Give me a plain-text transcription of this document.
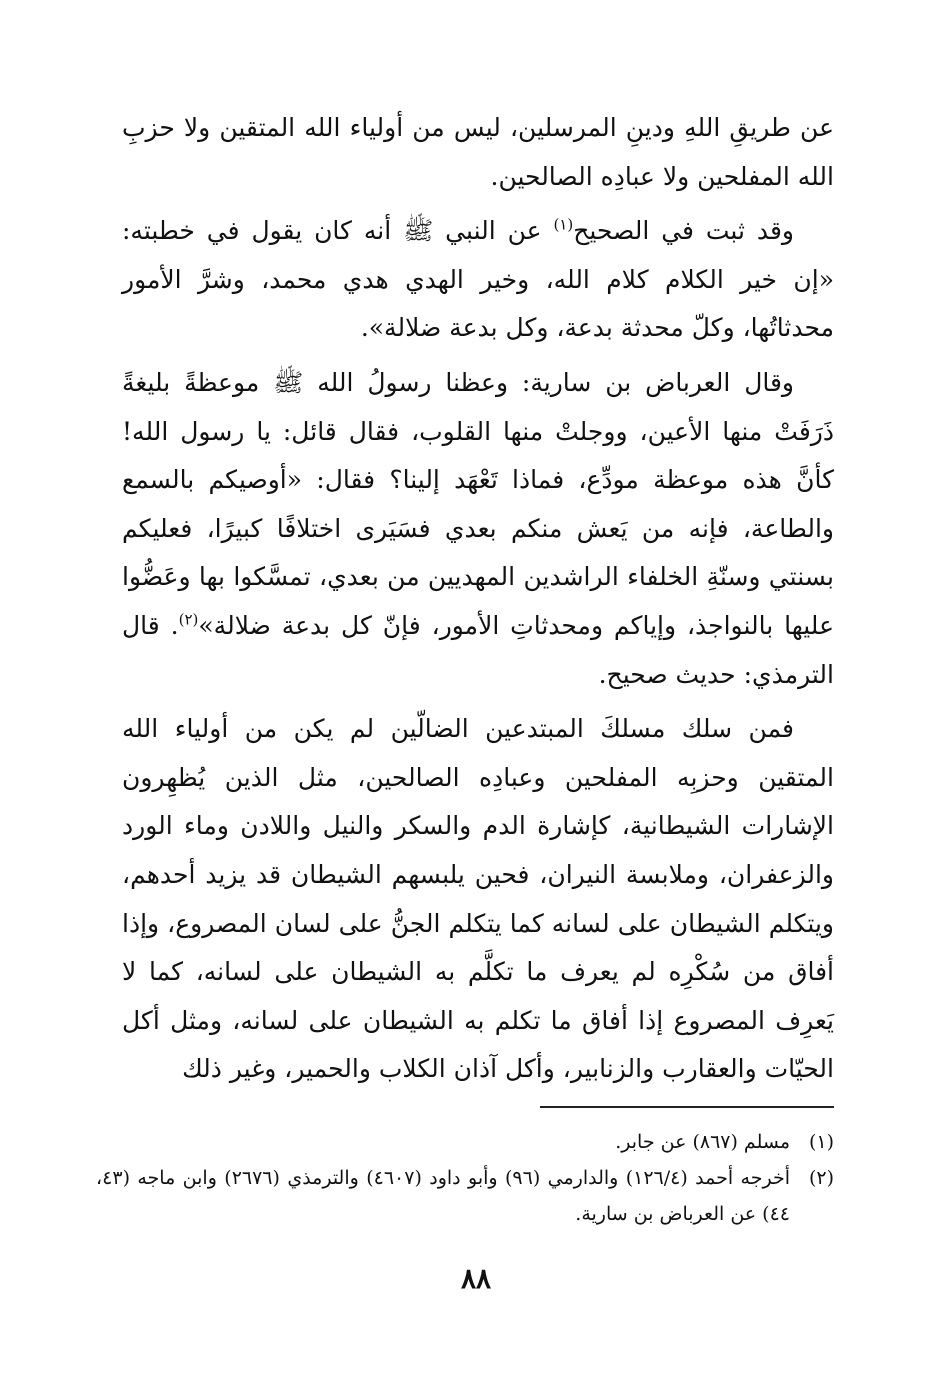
عن طريقِ اللهِ ودينِ المرسلين، ليس من أولياء الله المتقين ولا حزبِ الله المفلحين ولا عبادِه الصالحين.

وقد ثبت في الصحيح$^{(١)}$ عن النبي ﷺ أنه كان يقول في خطبته: «إن خير الكلام كلام الله، وخير الهدي هدي محمد، وشرَّ الأمور محدثاتُها، وكلّ محدثة بدعة، وكل بدعة ضلالة».

وقال العرباض بن سارية: وعظنا رسولُ الله ﷺ موعظةً بليغةً ذَرَفَتْ منها الأعين، ووجلتْ منها القلوب، فقال قائل: يا رسول الله! كأنَّ هذه موعظة مودِّع، فماذا تَعْهَد إلينا؟ فقال: «أوصيكم بالسمع والطاعة، فإنه من يَعش منكم بعدي فسَيَرى اختلافًا كبيرًا، فعليكم بسنتي وسنّةِ الخلفاء الراشدين المهديين من بعدي، تمسَّكوا بها وعَضُّوا عليها بالنواجذ، وإياكم ومحدثاتِ الأمور، فإنّ كل بدعة ضلالة»$^{(٢)}$. قال الترمذي: حديث صحيح.

فمن سلك مسلكَ المبتدعين الضالّين لم يكن من أولياء الله المتقين وحزبِه المفلحين وعبادِه الصالحين، مثل الذين يُظهِرون الإشارات الشيطانية، كإشارة الدم والسكر والنيل واللادن وماء الورد والزعفران، وملابسة النيران، فحين يلبسهم الشيطان قد يزيد أحدهم، ويتكلم الشيطان على لسانه كما يتكلم الجنُّ على لسان المصروع، وإذا أفاق من سُكْرِه لم يعرف ما تكلَّم به الشيطان على لسانه، كما لا يَعرِف المصروع إذا أفاق ما تكلم به الشيطان على لسانه، ومثل أكل الحيّات والعقارب والزنابير، وأكل آذان الكلاب والحمير، وغير ذلك

(١)
مسلم (٨٦٧) عن جابر.

(٢)
أخرجه أحمد (١٢٦/٤) والدارمي (٩٦) وأبو داود (٤٦٠٧) والترمذي (٢٦٧٦) وابن ماجه (٤٣، ٤٤) عن العرباض بن سارية.

٨٨
